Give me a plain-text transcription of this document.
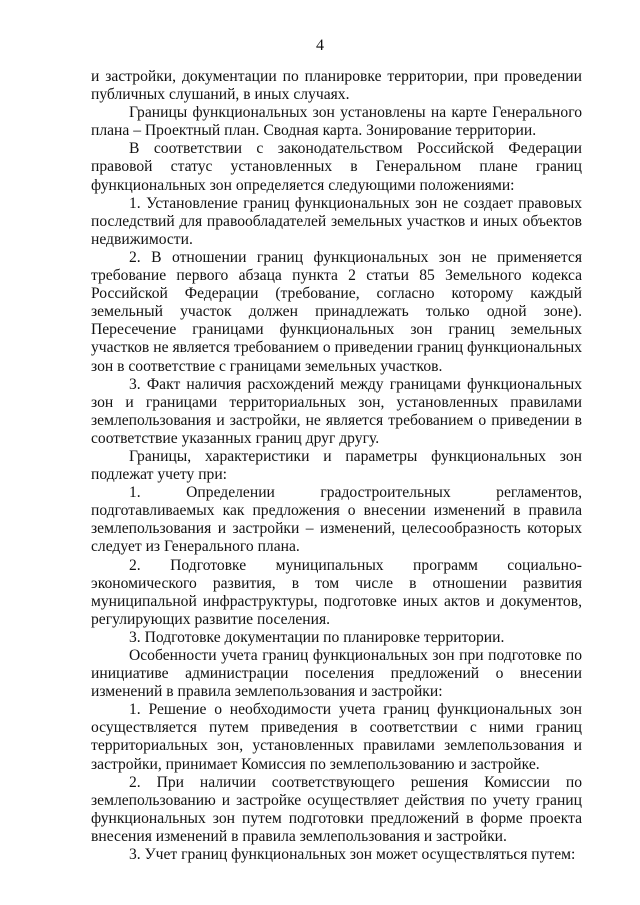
4

и застройки, документации по планировке территории, при проведении публичных слушаний, в иных случаях.

Границы функциональных зон установлены на карте Генерального плана – Проектный план. Сводная карта. Зонирование территории.

В соответствии с законодательством Российской Федерации правовой статус установленных в Генеральном плане границ функциональных зон определяется следующими положениями:

1. Установление границ функциональных зон не создает правовых последствий для правообладателей земельных участков и иных объектов недвижимости.

2. В отношении границ функциональных зон не применяется требование первого абзаца пункта 2 статьи 85 Земельного кодекса Российской Федерации (требование, согласно которому каждый земельный участок должен принадлежать только одной зоне). Пересечение границами функциональных зон границ земельных участков не является требованием о приведении границ функциональных зон в соответствие с границами земельных участков.

3. Факт наличия расхождений между границами функциональных зон и границами территориальных зон, установленных правилами землепользования и застройки, не является требованием о приведении в соответствие указанных границ друг другу.

Границы, характеристики и параметры функциональных зон подлежат учету при:

1. Определении градостроительных регламентов, подготавливаемых как предложения о внесении изменений в правила землепользования и застройки – изменений, целесообразность которых следует из Генерального плана.

2. Подготовке муниципальных программ социально-экономического развития, в том числе в отношении развития муниципальной инфраструктуры, подготовке иных актов и документов, регулирующих развитие поселения.

3. Подготовке документации по планировке территории.

Особенности учета границ функциональных зон при подготовке по инициативе администрации поселения предложений о внесении изменений в правила землепользования и застройки:

1. Решение о необходимости учета границ функциональных зон осуществляется путем приведения в соответствии с ними границ территориальных зон, установленных правилами землепользования и застройки, принимает Комиссия по землепользованию и застройке.

2. При наличии соответствующего решения Комиссии по землепользованию и застройке осуществляет действия по учету границ функциональных зон путем подготовки предложений в форме проекта внесения изменений в правила землепользования и застройки.

3. Учет границ функциональных зон может осуществляться путем:
